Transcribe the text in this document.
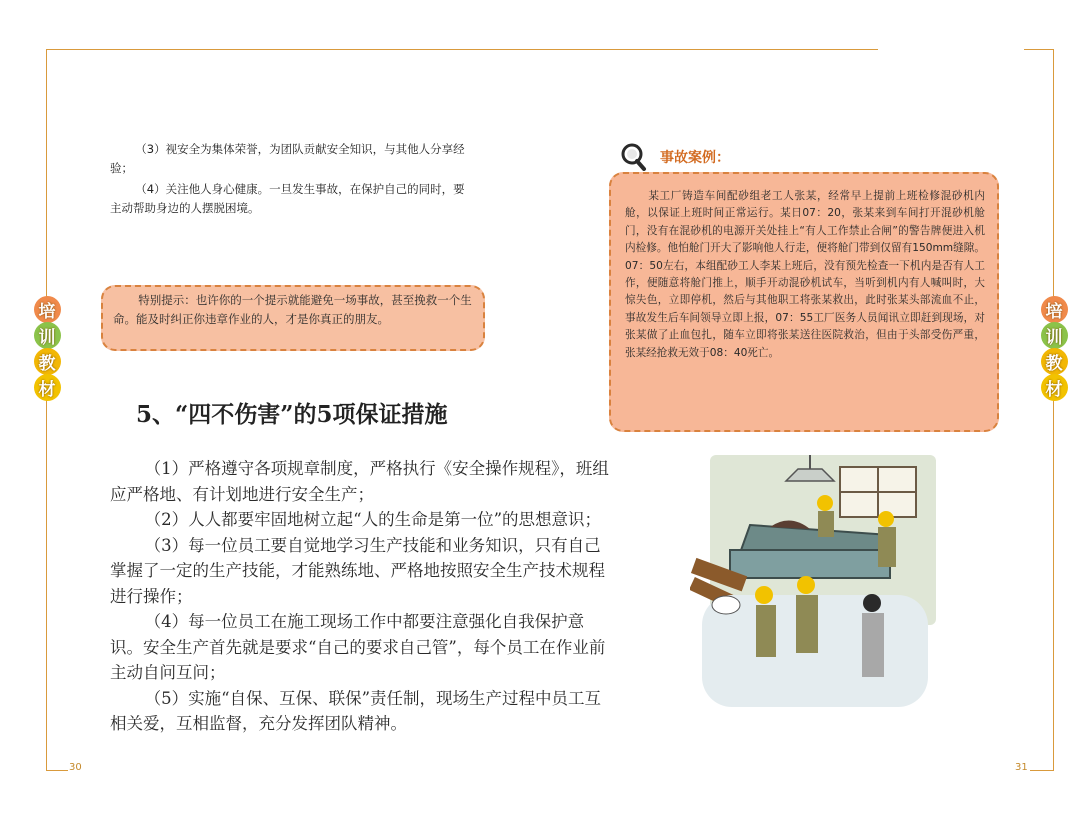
培
训
教
材
培
训
教
材

（3）视安全为集体荣誉，为团队贡献安全知识，与其他人分享经验；

（4）关注他人身心健康。一旦发生事故，在保护自己的同时，要主动帮助身边的人摆脱困境。

特别提示：也许你的一个提示就能避免一场事故，甚至挽救一个生命。能及时纠正你违章作业的人，才是你真正的朋友。
5、“四不伤害”的5项保证措施

（1）严格遵守各项规章制度，严格执行《安全操作规程》，班组应严格地、有计划地进行安全生产；

（2）人人都要牢固地树立起“人的生命是第一位”的思想意识；

（3）每一位员工要自觉地学习生产技能和业务知识，只有自己掌握了一定的生产技能，才能熟练地、严格地按照安全生产技术规程进行操作；

（4）每一位员工在施工现场工作中都要注意强化自我保护意识。安全生产首先就是要求“自己的要求自己管”，每个员工在作业前主动自问互问；

（5）实施“自保、互保、联保”责任制，现场生产过程中员工互相关爱，互相监督，充分发挥团队精神。

事故案例：

某工厂铸造车间配砂组老工人张某，经常早上提前上班检修混砂机内舱，以保证上班时间正常运行。某日07：20，张某来到车间打开混砂机舱门，没有在混砂机的电源开关处挂上“有人工作禁止合闸”的警告牌便进入机内检修。他怕舱门开大了影响他人行走，便将舱门带到仅留有150mm缝隙。07：50左右，本组配砂工人李某上班后，没有预先检查一下机内是否有人工作，便随意将舱门推上，顺手开动混砂机试车，当听到机内有人喊叫时，大惊失色，立即停机，然后与其他职工将张某救出，此时张某头部流血不止，事故发生后车间领导立即上报，07：55工厂医务人员闻讯立即赶到现场，对张某做了止血包扎，随车立即将张某送往医院救治，但由于头部受伤严重，张某经抢救无效于08：40死亡。

30	31
